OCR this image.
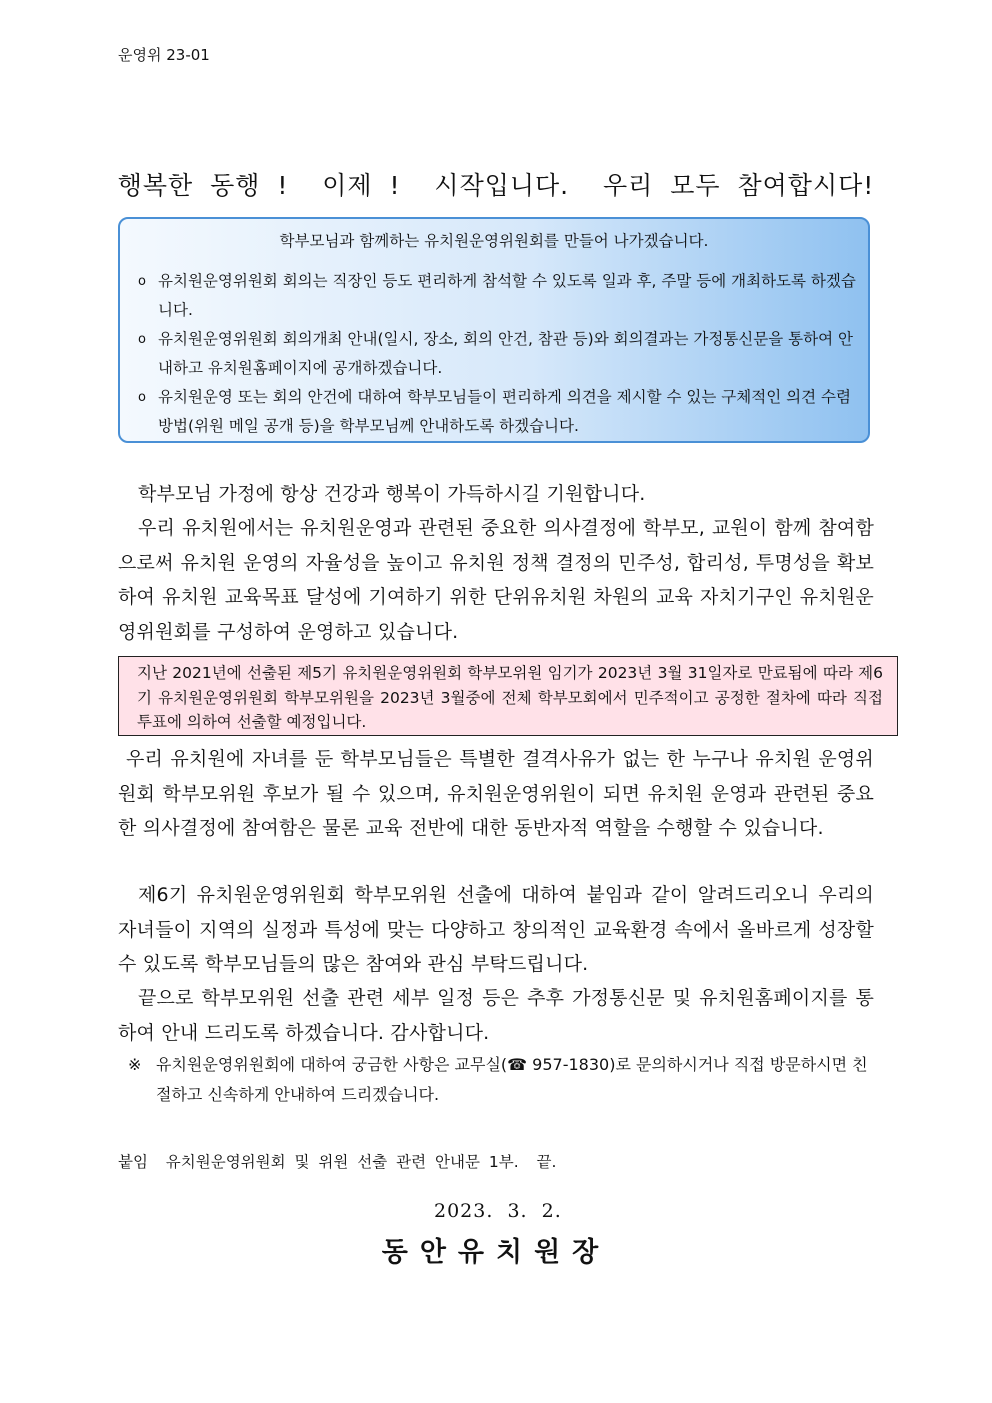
운영위 23-01
행복한 동행 !  이제 !  시작입니다.  우리 모두 참여합시다!
학부모님과 함께하는 유치원운영위원회를 만들어 나가겠습니다.
o 유치원운영위원회 회의는 직장인 등도 편리하게 참석할 수 있도록 일과 후, 주말 등에 개최하도록 하겠습니다.
o 유치원운영위원회 회의개최 안내(일시, 장소, 회의 안건, 참관 등)와 회의결과는 가정통신문을 통하여 안내하고 유치원홈페이지에 공개하겠습니다.
o 유치원운영 또는 회의 안건에 대하여 학부모님들이 편리하게 의견을 제시할 수 있는 구체적인 의견 수렴 방법(위원 메일 공개 등)을 학부모님께 안내하도록 하겠습니다.
학부모님 가정에 항상 건강과 행복이 가득하시길 기원합니다.
우리 유치원에서는 유치원운영과 관련된 중요한 의사결정에 학부모, 교원이 함께 참여함으로써 유치원 운영의 자율성을 높이고 유치원 정책 결정의 민주성, 합리성, 투명성을 확보하여 유치원 교육목표 달성에 기여하기 위한 단위유치원 차원의 교육 자치기구인 유치원운영위원회를 구성하여 운영하고 있습니다.
지난 2021년에 선출된 제5기 유치원운영위원회 학부모위원 임기가 2023년 3월 31일자로 만료됨에 따라 제6기 유치원운영위원회 학부모위원을 2023년 3월중에 전체 학부모회에서 민주적이고 공정한 절차에 따라 직접투표에 의하여 선출할 예정입니다.
우리 유치원에 자녀를 둔 학부모님들은 특별한 결격사유가 없는 한 누구나 유치원 운영위원회 학부모위원 후보가 될 수 있으며, 유치원운영위원이 되면 유치원 운영과 관련된 중요한 의사결정에 참여함은 물론 교육 전반에 대한 동반자적 역할을 수행할 수 있습니다.
제6기 유치원운영위원회 학부모위원 선출에 대하여 붙임과 같이 알려드리오니 우리의 자녀들이 지역의 실정과 특성에 맞는 다양하고 창의적인 교육환경 속에서 올바르게 성장할 수 있도록 학부모님들의 많은 참여와 관심 부탁드립니다.
끝으로 학부모위원 선출 관련 세부 일정 등은 추후 가정통신문 및 유치원홈페이지를 통하여 안내 드리도록 하겠습니다. 감사합니다.
※ 유치원운영위원회에 대하여 궁금한 사항은 교무실(☎ 957-1830)로 문의하시거나 직접 방문하시면 친절하고 신속하게 안내하여 드리겠습니다.
붙임  유치원운영위원회 및 위원 선출 관련 안내문 1부.  끝.
2023.  3.  2.
동안유치원장
